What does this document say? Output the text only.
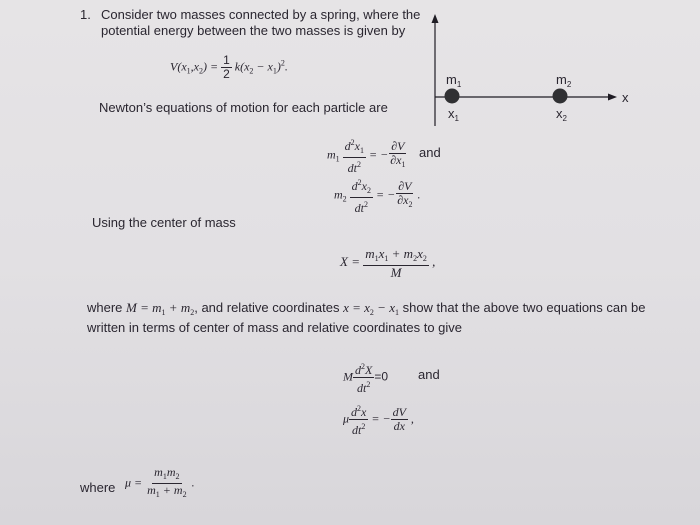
1. Consider two masses connected by a spring, where the
potential energy between the two masses is given by
$V(x_1,x_2) = \frac{1}{2} k(x_2 - x_1)^2$.
Newton’s equations of motion for each particle are
$m_1 \frac{d^2x_1}{dt^2}$ = − $\frac{\partial V}{\partial x_1}$ and
$m_2 \frac{d^2x_2}{dt^2}$ = − $\frac{\partial V}{\partial x_2}$ .
Using the center of mass
$X = \frac{m_1x_1 + m_2x_2}{M}$ ,
where $M = m_1 + m_2$, and relative coordinates $x = x_2 - x_1$ show that the above two equations can be
written in terms of center of mass and relative coordinates to give
M $\frac{d^2X}{dt^2} =0$ and
μ $\frac{d^2x}{dt^2}$ = − $\frac{dV}{dx}$ ,
where $\mu = \frac{m_1m_2}{m_1 + m_2}$ .
$m_1$	$m_2$
x
$x_1$	$x_2$
